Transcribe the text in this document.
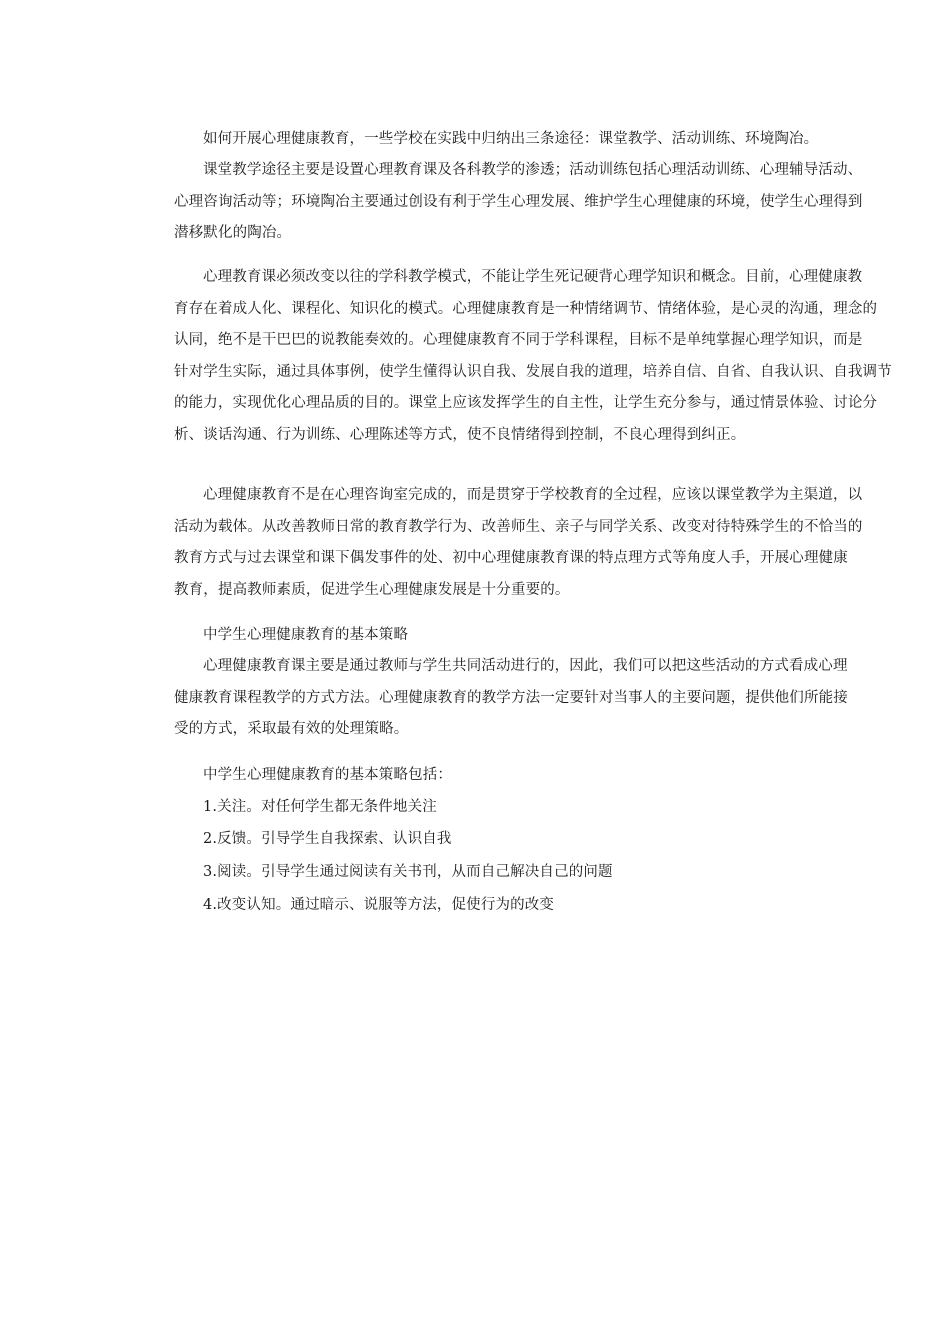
如何开展心理健康教育，一些学校在实践中归纳出三条途径：课堂教学、活动训练、环境陶冶。

课堂教学途径主要是设置心理教育课及各科教学的渗透；活动训练包括心理活动训练、心理辅导活动、
心理咨询活动等；环境陶冶主要通过创设有利于学生心理发展、维护学生心理健康的环境，使学生心理得到
潜移默化的陶冶。

心理教育课必须改变以往的学科教学模式，不能让学生死记硬背心理学知识和概念。目前，心理健康教
育存在着成人化、课程化、知识化的模式。心理健康教育是一种情绪调节、情绪体验，是心灵的沟通，理念的
认同，绝不是干巴巴的说教能奏效的。心理健康教育不同于学科课程，目标不是单纯掌握心理学知识，而是
针对学生实际，通过具体事例，使学生懂得认识自我、发展自我的道理，培养自信、自省、自我认识、自我调节
的能力，实现优化心理品质的目的。课堂上应该发挥学生的自主性，让学生充分参与，通过情景体验、讨论分
析、谈话沟通、行为训练、心理陈述等方式，使不良情绪得到控制，不良心理得到纠正。

心理健康教育不是在心理咨询室完成的，而是贯穿于学校教育的全过程，应该以课堂教学为主渠道，以
活动为载体。从改善教师日常的教育教学行为、改善师生、亲子与同学关系、改变对待特殊学生的不恰当的
教育方式与过去课堂和课下偶发事件的处、初中心理健康教育课的特点理方式等角度人手，开展心理健康
教育，提高教师素质，促进学生心理健康发展是十分重要的。

中学生心理健康教育的基本策略

心理健康教育课主要是通过教师与学生共同活动进行的，因此，我们可以把这些活动的方式看成心理
健康教育课程教学的方式方法。心理健康教育的教学方法一定要针对当事人的主要问题，提供他们所能接
受的方式，采取最有效的处理策略。

中学生心理健康教育的基本策略包括：

1.关注。对任何学生都无条件地关注

2.反馈。引导学生自我探索、认识自我

3.阅读。引导学生通过阅读有关书刊，从而自己解决自己的问题

4.改变认知。通过暗示、说服等方法，促使行为的改变
